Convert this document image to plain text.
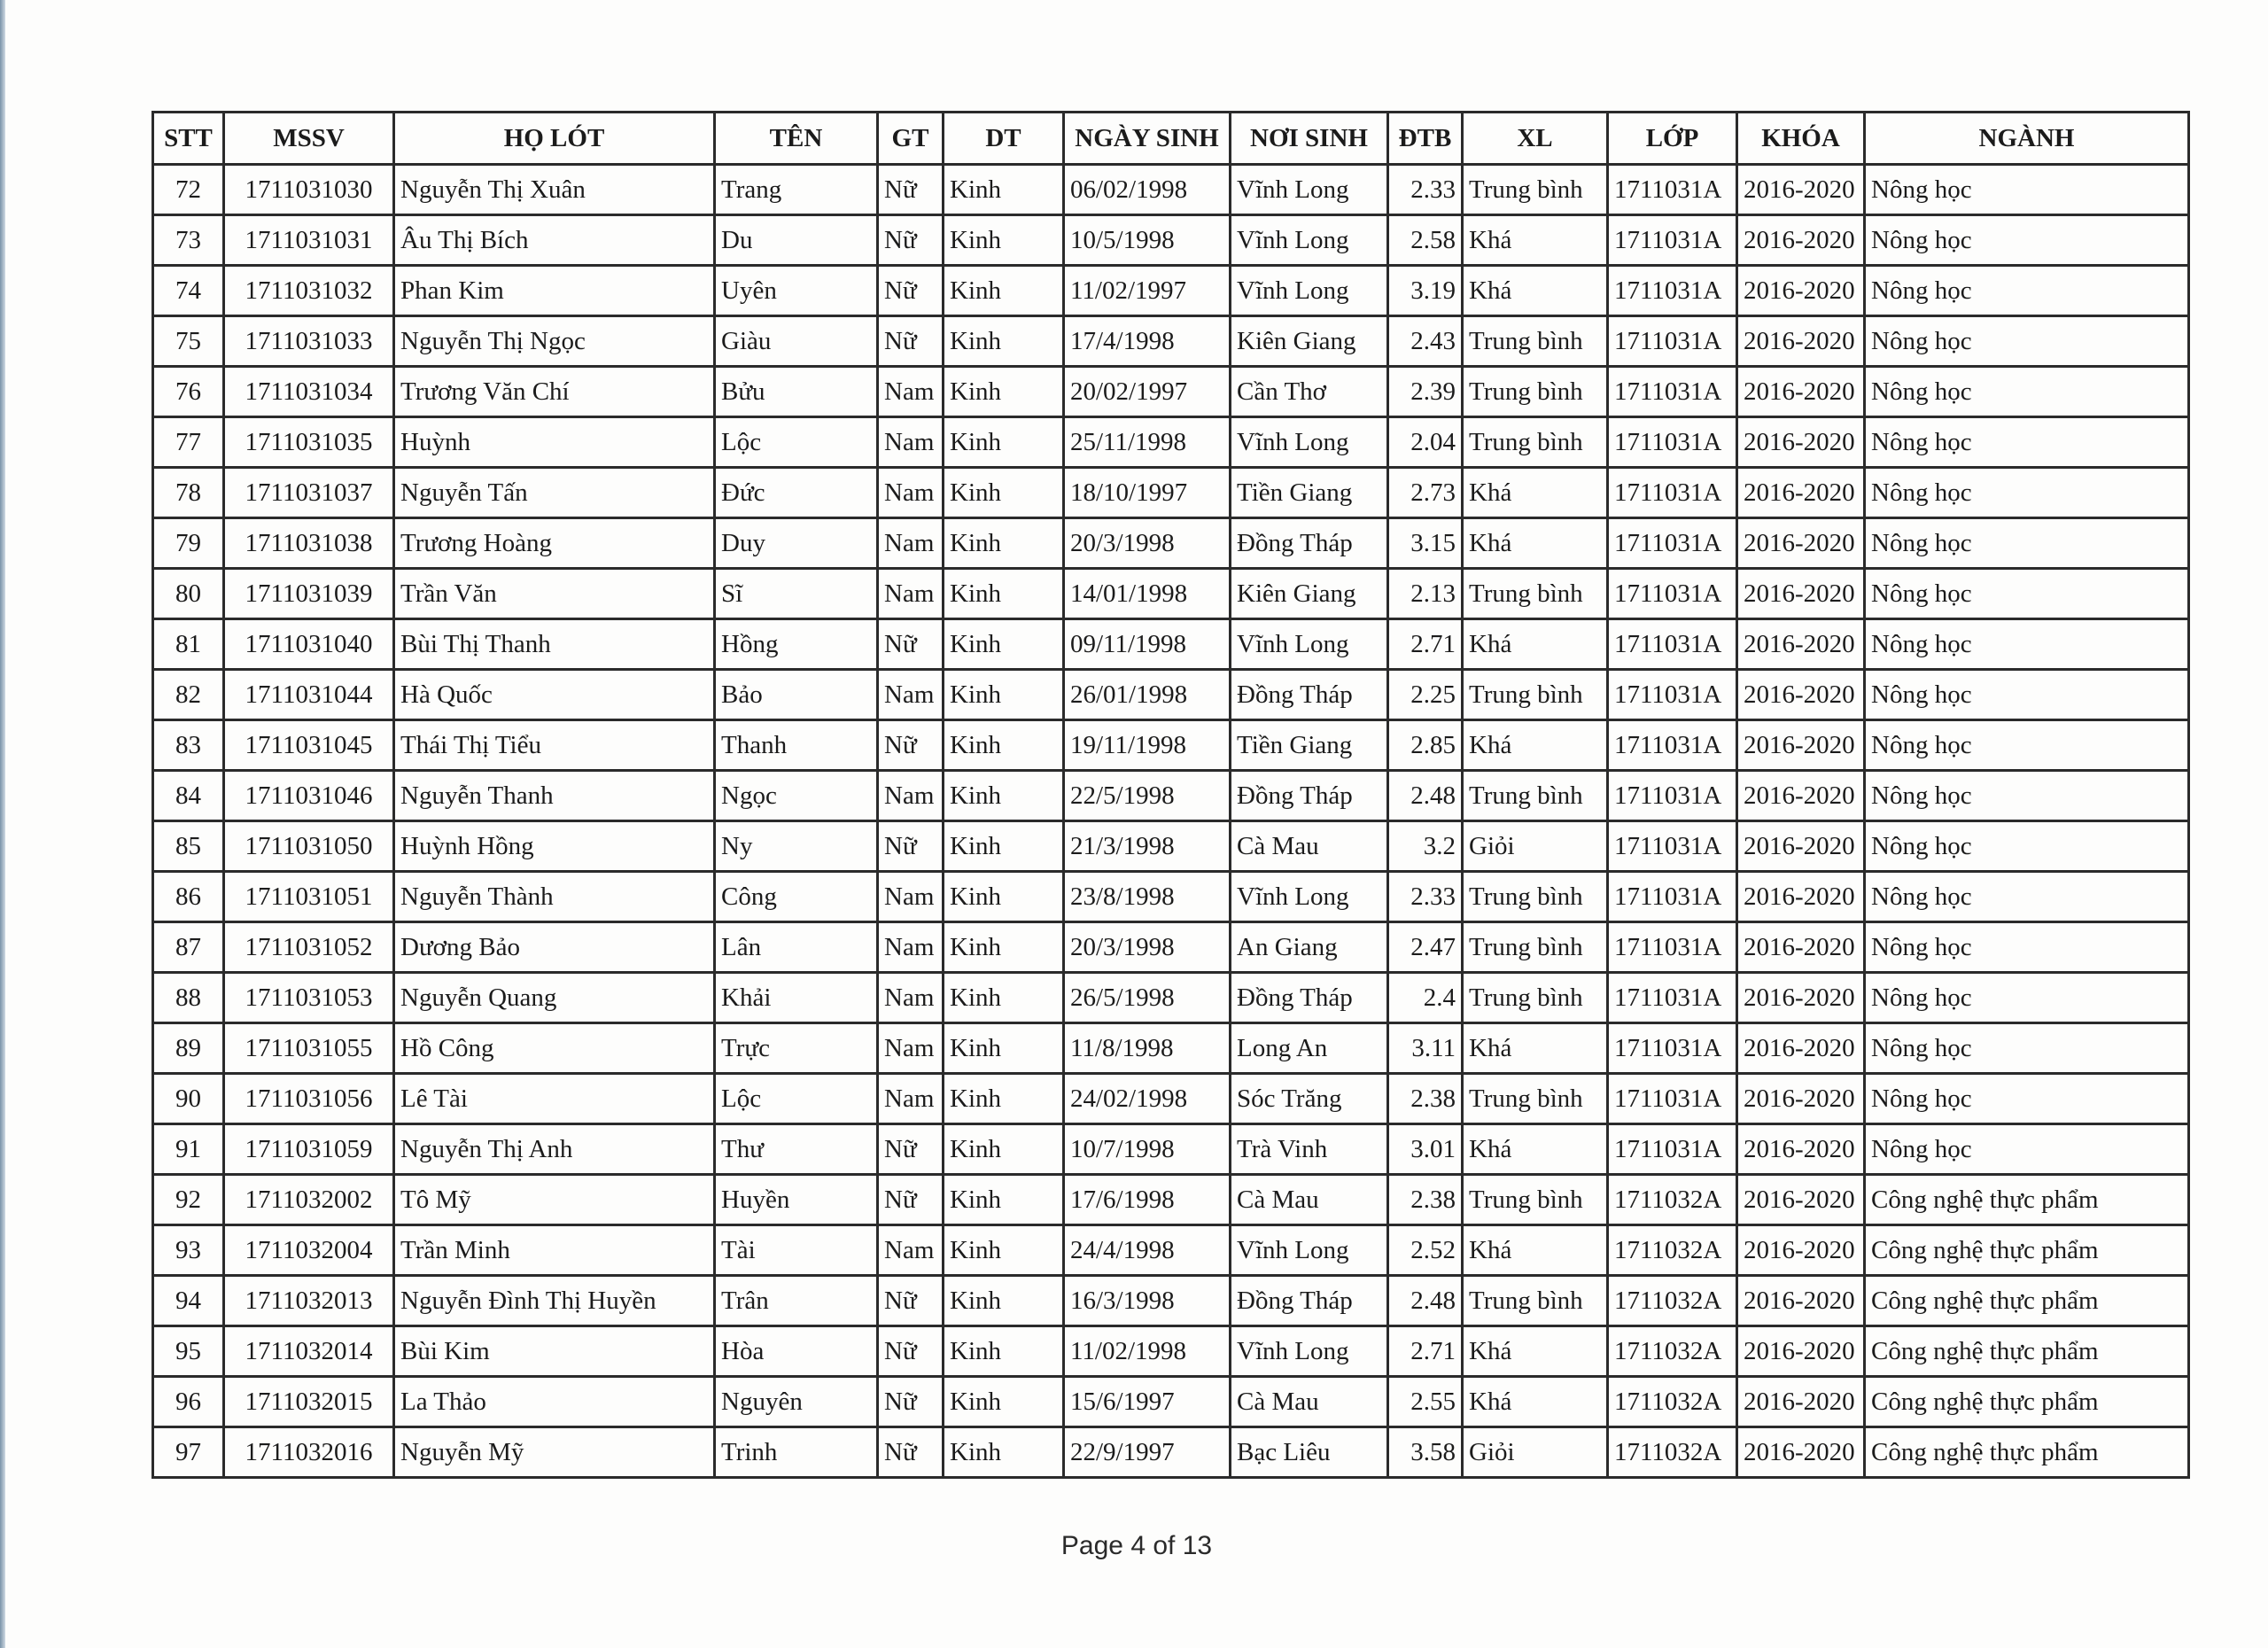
STT	MSSV	HỌ LÓT	TÊN	GT	DT	NGÀY SINH	NƠI SINH	ĐTB	XL	LỚP	KHÓA	NGÀNH
72	1711031030	Nguyễn Thị Xuân	Trang	Nữ	Kinh	06/02/1998	Vĩnh Long	2.33	Trung bình	1711031A	2016-2020	Nông học
73	1711031031	Âu Thị Bích	Du	Nữ	Kinh	10/5/1998	Vĩnh Long	2.58	Khá	1711031A	2016-2020	Nông học
74	1711031032	Phan Kim	Uyên	Nữ	Kinh	11/02/1997	Vĩnh Long	3.19	Khá	1711031A	2016-2020	Nông học
75	1711031033	Nguyễn Thị Ngọc	Giàu	Nữ	Kinh	17/4/1998	Kiên Giang	2.43	Trung bình	1711031A	2016-2020	Nông học
76	1711031034	Trương Văn Chí	Bửu	Nam	Kinh	20/02/1997	Cần Thơ	2.39	Trung bình	1711031A	2016-2020	Nông học
77	1711031035	Huỳnh	Lộc	Nam	Kinh	25/11/1998	Vĩnh Long	2.04	Trung bình	1711031A	2016-2020	Nông học
78	1711031037	Nguyễn Tấn	Đức	Nam	Kinh	18/10/1997	Tiền Giang	2.73	Khá	1711031A	2016-2020	Nông học
79	1711031038	Trương Hoàng	Duy	Nam	Kinh	20/3/1998	Đồng Tháp	3.15	Khá	1711031A	2016-2020	Nông học
80	1711031039	Trần Văn	Sĩ	Nam	Kinh	14/01/1998	Kiên Giang	2.13	Trung bình	1711031A	2016-2020	Nông học
81	1711031040	Bùi Thị Thanh	Hồng	Nữ	Kinh	09/11/1998	Vĩnh Long	2.71	Khá	1711031A	2016-2020	Nông học
82	1711031044	Hà Quốc	Bảo	Nam	Kinh	26/01/1998	Đồng Tháp	2.25	Trung bình	1711031A	2016-2020	Nông học
83	1711031045	Thái Thị Tiểu	Thanh	Nữ	Kinh	19/11/1998	Tiền Giang	2.85	Khá	1711031A	2016-2020	Nông học
84	1711031046	Nguyễn Thanh	Ngọc	Nam	Kinh	22/5/1998	Đồng Tháp	2.48	Trung bình	1711031A	2016-2020	Nông học
85	1711031050	Huỳnh Hồng	Ny	Nữ	Kinh	21/3/1998	Cà Mau	3.2	Giỏi	1711031A	2016-2020	Nông học
86	1711031051	Nguyễn Thành	Công	Nam	Kinh	23/8/1998	Vĩnh Long	2.33	Trung bình	1711031A	2016-2020	Nông học
87	1711031052	Dương Bảo	Lân	Nam	Kinh	20/3/1998	An Giang	2.47	Trung bình	1711031A	2016-2020	Nông học
88	1711031053	Nguyễn Quang	Khải	Nam	Kinh	26/5/1998	Đồng Tháp	2.4	Trung bình	1711031A	2016-2020	Nông học
89	1711031055	Hồ Công	Trực	Nam	Kinh	11/8/1998	Long An	3.11	Khá	1711031A	2016-2020	Nông học
90	1711031056	Lê Tài	Lộc	Nam	Kinh	24/02/1998	Sóc Trăng	2.38	Trung bình	1711031A	2016-2020	Nông học
91	1711031059	Nguyễn Thị Anh	Thư	Nữ	Kinh	10/7/1998	Trà Vinh	3.01	Khá	1711031A	2016-2020	Nông học
92	1711032002	Tô Mỹ	Huyền	Nữ	Kinh	17/6/1998	Cà Mau	2.38	Trung bình	1711032A	2016-2020	Công nghệ thực phẩm
93	1711032004	Trần Minh	Tài	Nam	Kinh	24/4/1998	Vĩnh Long	2.52	Khá	1711032A	2016-2020	Công nghệ thực phẩm
94	1711032013	Nguyễn Đình Thị Huyền	Trân	Nữ	Kinh	16/3/1998	Đồng Tháp	2.48	Trung bình	1711032A	2016-2020	Công nghệ thực phẩm
95	1711032014	Bùi Kim	Hòa	Nữ	Kinh	11/02/1998	Vĩnh Long	2.71	Khá	1711032A	2016-2020	Công nghệ thực phẩm
96	1711032015	La Thảo	Nguyên	Nữ	Kinh	15/6/1997	Cà Mau	2.55	Khá	1711032A	2016-2020	Công nghệ thực phẩm
97	1711032016	Nguyễn Mỹ	Trinh	Nữ	Kinh	22/9/1997	Bạc Liêu	3.58	Giỏi	1711032A	2016-2020	Công nghệ thực phẩm
Page 4 of 13
